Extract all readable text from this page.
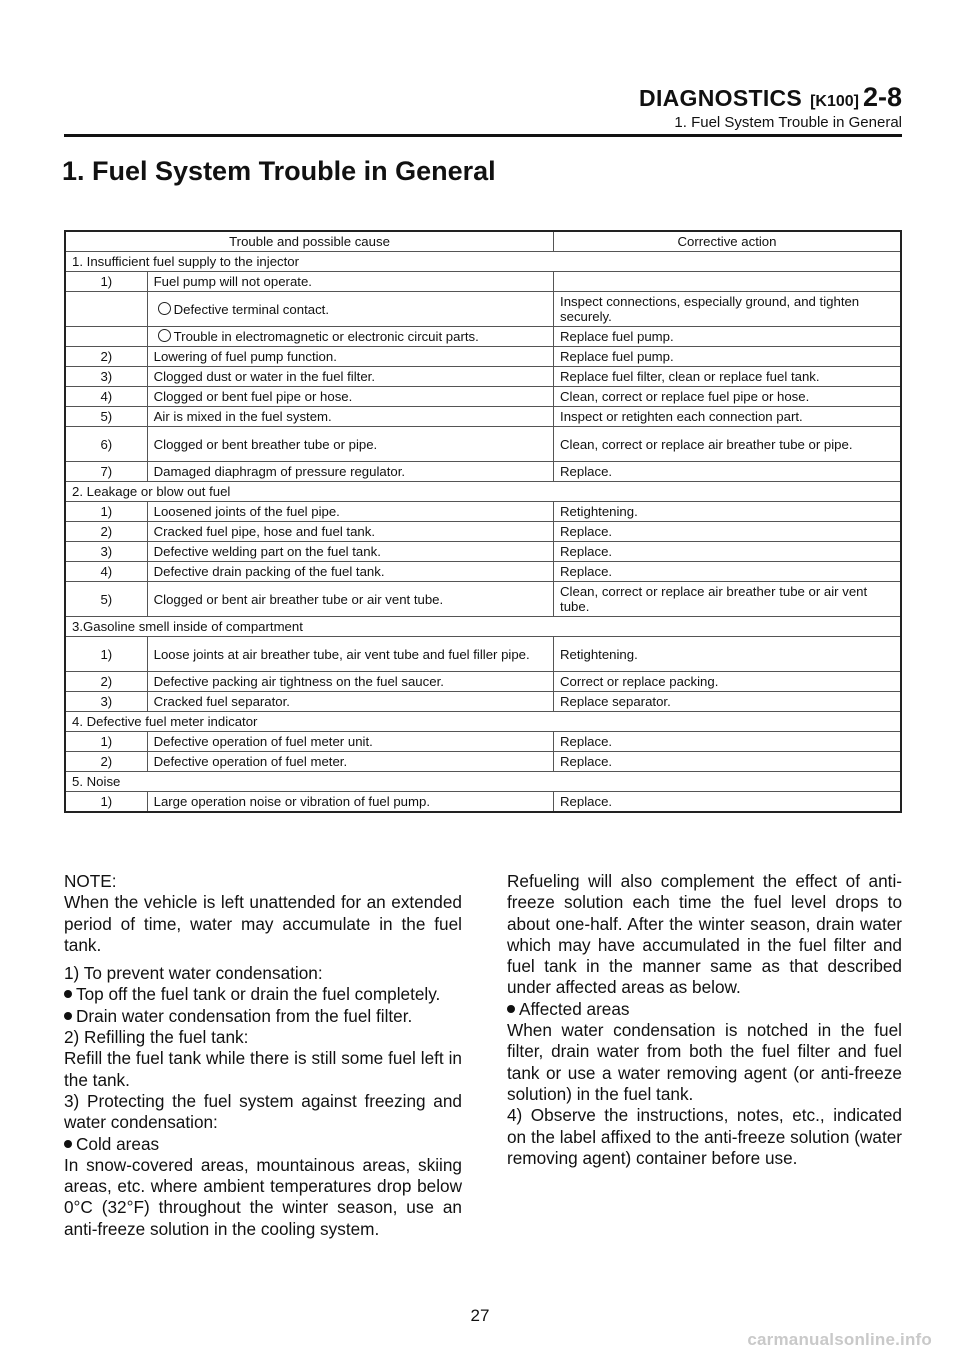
DIAGNOSTICS [K100] 2-8
1. Fuel System Trouble in General
1. Fuel System Trouble in General
Trouble and possible cause		Corrective action
1. Insufficient fuel supply to the injector		
1)	Fuel pump will not operate.	
	Defective terminal contact.	Inspect connections, especially ground, and tighten securely.
	Trouble in electromagnetic or electronic circuit parts.	Replace fuel pump.
2)	Lowering of fuel pump function.	Replace fuel pump.
3)	Clogged dust or water in the fuel filter.	Replace fuel filter, clean or replace fuel tank.
4)	Clogged or bent fuel pipe or hose.	Clean, correct or replace fuel pipe or hose.
5)	Air is mixed in the fuel system.	Inspect or retighten each connection part.
6)	Clogged or bent breather tube or pipe.	Clean, correct or replace air breather tube or pipe.
7)	Damaged diaphragm of pressure regulator.	Replace.
2. Leakage or blow out fuel		
1)	Loosened joints of the fuel pipe.	Retightening.
2)	Cracked fuel pipe, hose and fuel tank.	Replace.
3)	Defective welding part on the fuel tank.	Replace.
4)	Defective drain packing of the fuel tank.	Replace.
5)	Clogged or bent air breather tube or air vent tube.	Clean, correct or replace air breather tube or air vent tube.
3.Gasoline smell inside of compartment		
1)	Loose joints at air breather tube, air vent tube and fuel filler pipe.	Retightening.
2)	Defective packing air tightness on the fuel saucer.	Correct or replace packing.
3)	Cracked fuel separator.	Replace separator.
4. Defective fuel meter indicator		
1)	Defective operation of fuel meter unit.	Replace.
2)	Defective operation of fuel meter.	Replace.
5. Noise		
1)	Large operation noise or vibration of fuel pump.	Replace.

NOTE:

When the vehicle is left unattended for an extended period of time, water may accumulate in the fuel tank.

1) To prevent water condensation:

Top off the fuel tank or drain the fuel completely.

Drain water condensation from the fuel filter.

2) Refilling the fuel tank:

Refill the fuel tank while there is still some fuel left in the tank.

3) Protecting the fuel system against freezing and water condensation:

Cold areas

In snow-covered areas, mountainous areas, skiing areas, etc. where ambient temperatures drop below 0°C (32°F) throughout the winter season, use an anti-freeze solution in the cooling system.

Refueling will also complement the effect of anti-freeze solution each time the fuel level drops to about one-half. After the winter season, drain water which may have accumulated in the fuel filter and fuel tank in the manner same as that described under affected areas as below.

Affected areas

When water condensation is notched in the fuel filter, drain water from both the fuel filter and fuel tank or use a water removing agent (or anti-freeze solution) in the fuel tank.

4) Observe the instructions, notes, etc., indicated on the label affixed to the anti-freeze solution (water removing agent) container before use.

27
carmanualsonline.info
